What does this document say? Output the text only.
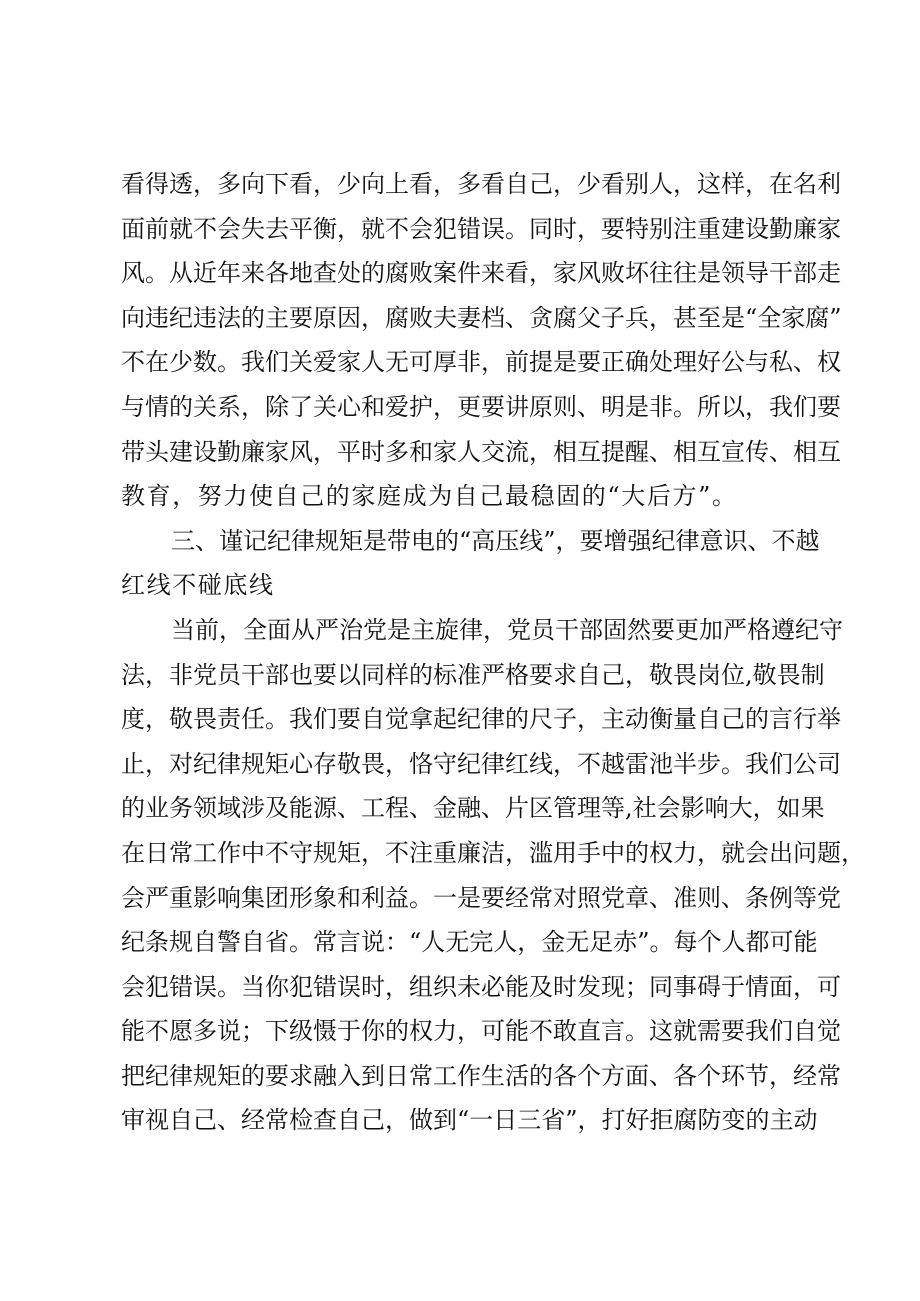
看得透，多向下看，少向上看，多看自己，少看别人，这样，在名利
面前就不会失去平衡，就不会犯错误。同时，要特别注重建设勤廉家
风。从近年来各地查处的腐败案件来看，家风败坏往往是领导干部走
向违纪违法的主要原因，腐败夫妻档、贪腐父子兵，甚至是“全家腐”
不在少数。我们关爱家人无可厚非，前提是要正确处理好公与私、权
与情的关系，除了关心和爱护，更要讲原则、明是非。所以，我们要
带头建设勤廉家风，平时多和家人交流，相互提醒、相互宣传、相互
教育，努力使自己的家庭成为自己最稳固的“大后方”。
三、谨记纪律规矩是带电的“高压线”，要增强纪律意识、不越
红线不碰底线
当前，全面从严治党是主旋律，党员干部固然要更加严格遵纪守
法，非党员干部也要以同样的标准严格要求自己，敬畏岗位,敬畏制
度，敬畏责任。我们要自觉拿起纪律的尺子，主动衡量自己的言行举
止，对纪律规矩心存敬畏，恪守纪律红线，不越雷池半步。我们公司
的业务领域涉及能源、工程、金融、片区管理等,社会影响大，如果
在日常工作中不守规矩，不注重廉洁，滥用手中的权力，就会出问题，
会严重影响集团形象和利益。一是要经常对照党章、准则、条例等党
纪条规自警自省。常言说：“人无完人，金无足赤”。每个人都可能
会犯错误。当你犯错误时，组织未必能及时发现；同事碍于情面，可
能不愿多说；下级慑于你的权力，可能不敢直言。这就需要我们自觉
把纪律规矩的要求融入到日常工作生活的各个方面、各个环节，经常
审视自己、经常检查自己，做到“一日三省”，打好拒腐防变的主动
